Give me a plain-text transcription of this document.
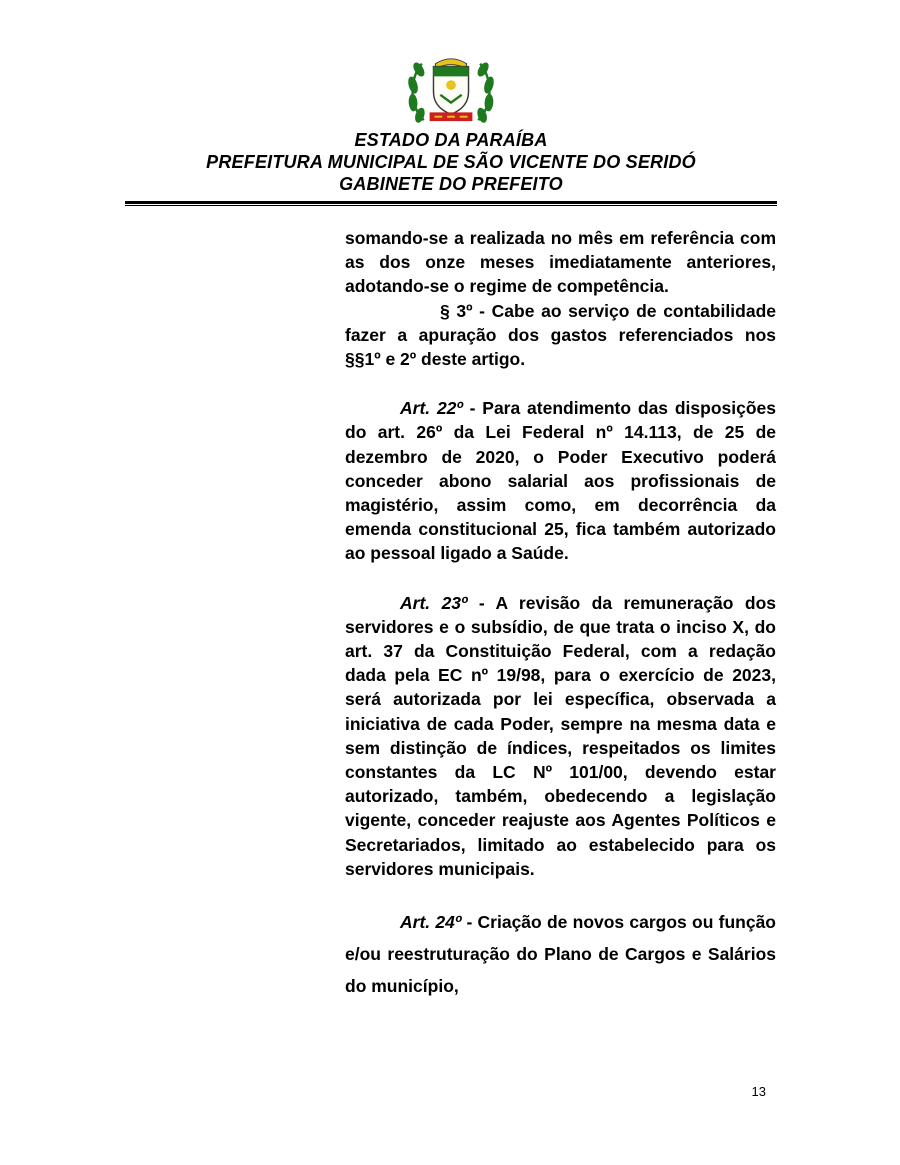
ESTADO DA PARAÍBA
PREFEITURA MUNICIPAL DE SÃO VICENTE DO SERIDÓ
GABINETE DO PREFEITO

somando-se a realizada no mês em referência com as dos onze meses imediatamente anteriores, adotando-se o regime de competência.

§ 3º - Cabe ao serviço de contabilidade fazer a apuração dos gastos referenciados nos §§1º e 2º deste artigo.

Art. 22º - Para atendimento das disposições do art. 26º da Lei Federal nº 14.113, de 25 de dezembro de 2020, o Poder Executivo poderá conceder abono salarial aos profissionais de magistério, assim como, em decorrência da emenda constitucional 25, fica também autorizado ao pessoal ligado a Saúde.

Art. 23º - A revisão da remuneração dos servidores e o subsídio, de que trata o inciso X, do art. 37 da Constituição Federal, com a redação dada pela EC nº 19/98, para o exercício de 2023, será autorizada por lei específica, observada a iniciativa de cada Poder, sempre na mesma data e sem distinção de índices, respeitados os limites constantes da LC Nº 101/00, devendo estar autorizado, também, obedecendo a legislação vigente, conceder reajuste aos Agentes Políticos e Secretariados, limitado ao estabelecido para os servidores municipais.

Art. 24º - Criação de novos cargos ou função e/ou reestruturação do Plano de Cargos e Salários do município,

13
